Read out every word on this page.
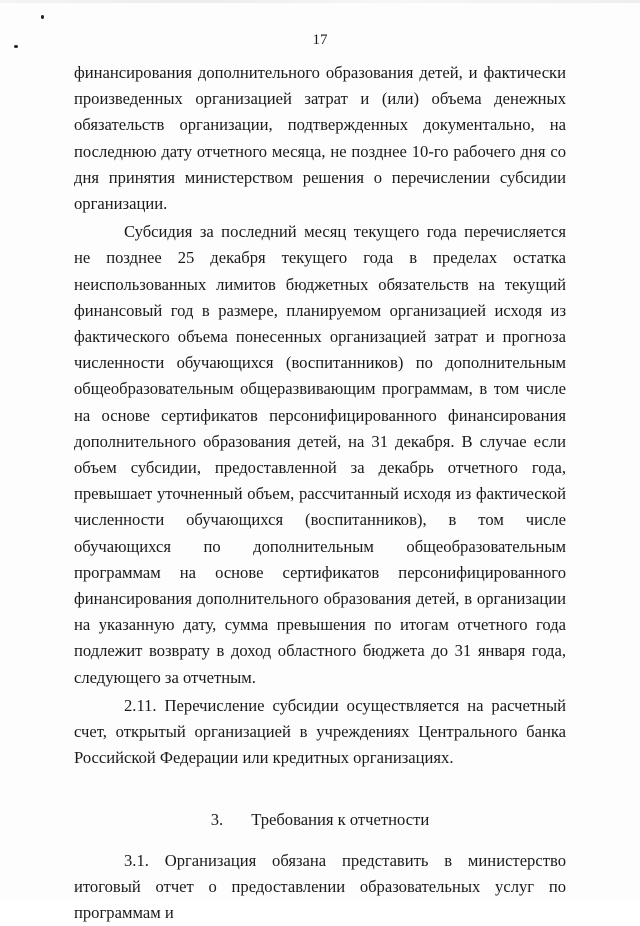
17

финансирования дополнительного образования детей, и фактически произведенных организацией затрат и (или) объема денежных обязательств организации, подтвержденных документально, на последнюю дату отчетного месяца, не позднее 10-го рабочего дня со дня принятия министерством решения о перечислении субсидии организации.

Субсидия за последний месяц текущего года перечисляется не позднее 25 декабря текущего года в пределах остатка неиспользованных лимитов бюджетных обязательств на текущий финансовый год в размере, планируемом организацией исходя из фактического объема понесенных организацией затрат и прогноза численности обучающихся (воспитанников) по дополнительным общеобразовательным общеразвивающим программам, в том числе на основе сертификатов персонифицированного финансирования дополнительного образования детей, на 31 декабря. В случае если объем субсидии, предоставленной за декабрь отчетного года, превышает уточненный объем, рассчитанный исходя из фактической численности обучающихся (воспитанников), в том числе обучающихся по дополнительным общеобразовательным программам на основе сертификатов персонифицированного финансирования дополнительного образования детей, в организации на указанную дату, сумма превышения по итогам отчетного года подлежит возврату в доход областного бюджета до 31 января года, следующего за отчетным.

2.11. Перечисление субсидии осуществляется на расчетный счет, открытый организацией в учреждениях Центрального банка Российской Федерации или кредитных организациях.

3. Требования к отчетности

3.1. Организация обязана представить в министерство итоговый отчет о предоставлении образовательных услуг по программам и
